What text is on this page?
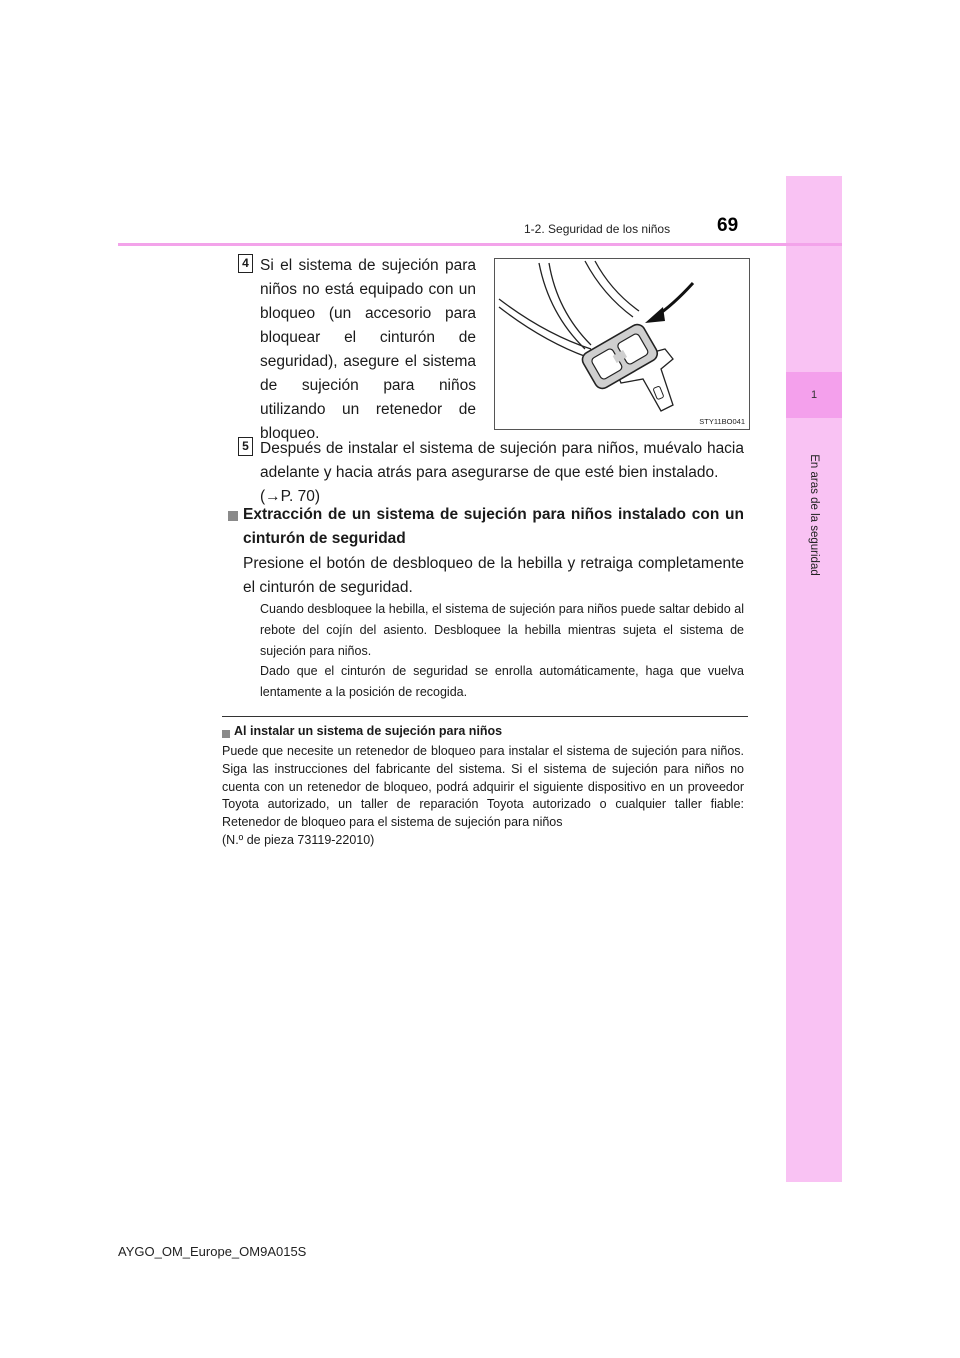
1
En aras de la seguridad
1-2. Seguridad de los niños 69
4 Si el sistema de sujeción para
niños no está equipado con un
bloqueo (un accesorio para
bloquear el cinturón de
seguridad), asegure el sistema
de sujeción para niños
utilizando un retenedor de
bloqueo.
STY11BO041
5 Después de instalar el sistema de sujeción para niños, muévalo hacia adelante y hacia atrás para asegurarse de que esté bien instalado.
(→P. 70)
Extracción de un sistema de sujeción para niños instalado con un cinturón de seguridad
Presione el botón de desbloqueo de la hebilla y retraiga completamente el cinturón de seguridad.
Cuando desbloquee la hebilla, el sistema de sujeción para niños puede saltar debido al rebote del cojín del asiento. Desbloquee la hebilla mientras sujeta el sistema de sujeción para niños.
Dado que el cinturón de seguridad se enrolla automáticamente, haga que vuelva lentamente a la posición de recogida.
Al instalar un sistema de sujeción para niños
Puede que necesite un retenedor de bloqueo para instalar el sistema de sujeción para niños. Siga las instrucciones del fabricante del sistema. Si el sistema de sujeción para niños no cuenta con un retenedor de bloqueo, podrá adquirir el siguiente dispositivo en un proveedor Toyota autorizado, un taller de reparación Toyota autorizado o cualquier taller fiable: Retenedor de bloqueo para el sistema de sujeción para niños
(N.º de pieza 73119-22010)
AYGO_OM_Europe_OM9A015S
